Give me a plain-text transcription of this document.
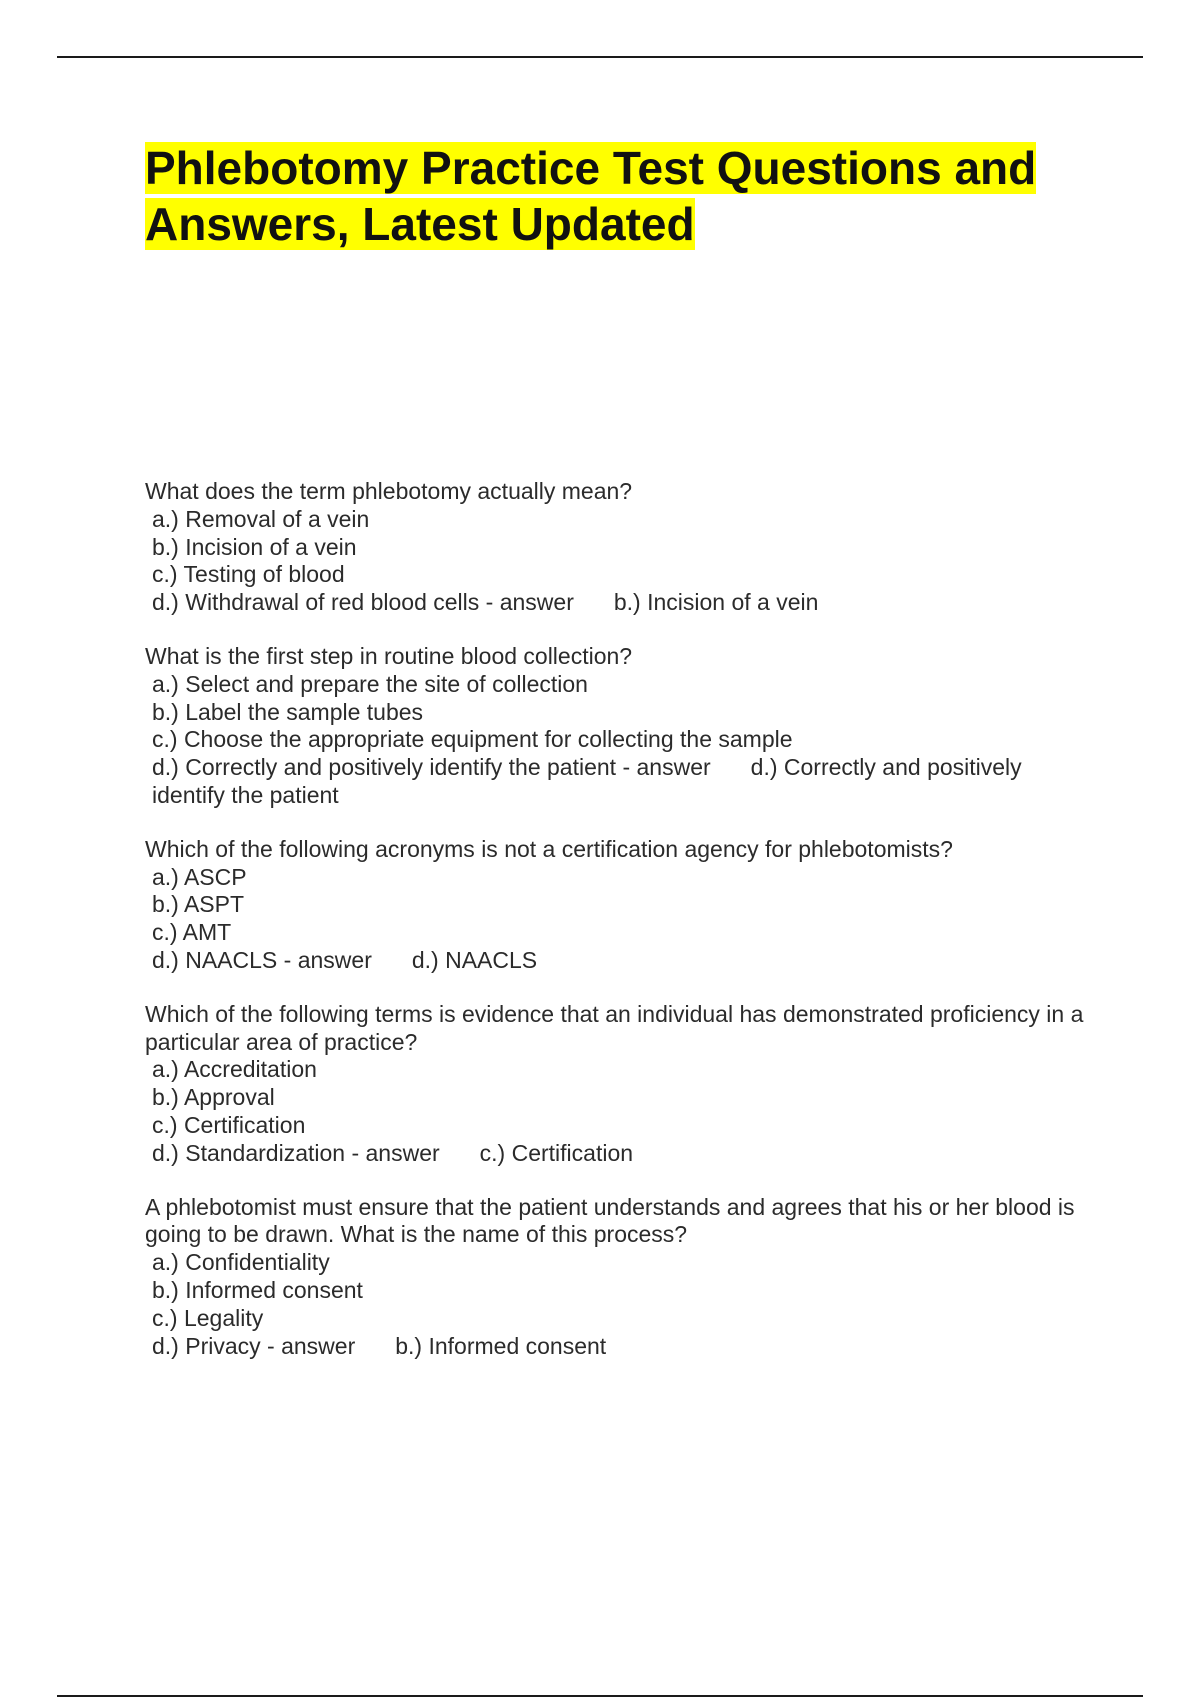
Phlebotomy Practice Test Questions and
Answers, Latest Updated
What does the term phlebotomy actually mean?
a.) Removal of a vein
b.) Incision of a vein
c.) Testing of blood
d.) Withdrawal of red blood cells - answer b.) Incision of a vein
What is the first step in routine blood collection?
a.) Select and prepare the site of collection
b.) Label the sample tubes
c.) Choose the appropriate equipment for collecting the sample
d.) Correctly and positively identify the patient - answer d.) Correctly and positively identify the patient
Which of the following acronyms is not a certification agency for phlebotomists?
a.) ASCP
b.) ASPT
c.) AMT
d.) NAACLS - answer d.) NAACLS
Which of the following terms is evidence that an individual has demonstrated proficiency in a particular area of practice?
a.) Accreditation
b.) Approval
c.) Certification
d.) Standardization - answer c.) Certification
A phlebotomist must ensure that the patient understands and agrees that his or her blood is going to be drawn. What is the name of this process?
a.) Confidentiality
b.) Informed consent
c.) Legality
d.) Privacy - answer b.) Informed consent
